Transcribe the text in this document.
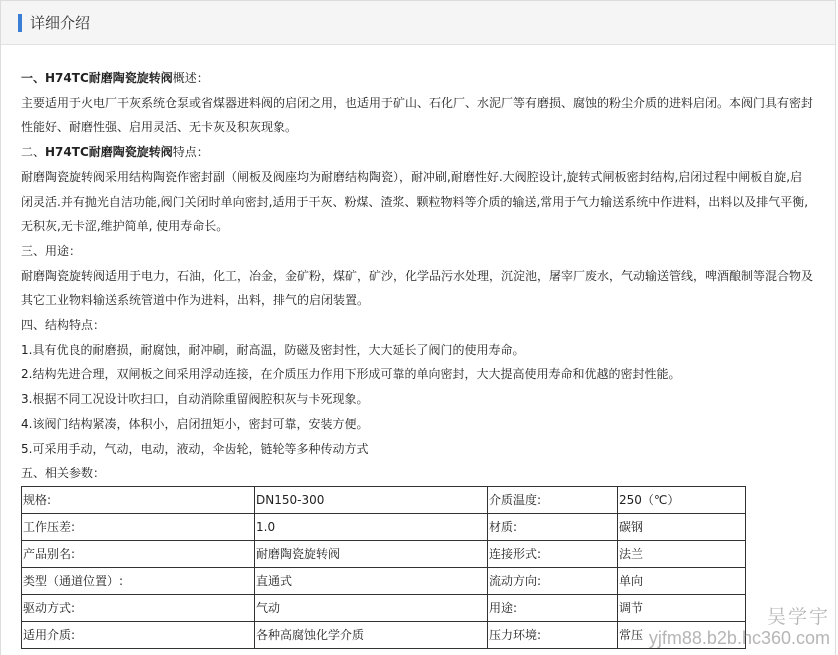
详细介绍
一、H74TC耐磨陶瓷旋转阀概述：
主要适用于火电厂干灰系统仓泵或省煤器进料阀的启闭之用，也适用于矿山、石化厂、水泥厂等有磨损、腐蚀的粉尘介质的进料启闭。本阀门具有密封
性能好、耐磨性强、启用灵活、无卡灰及积灰现象。
二、H74TC耐磨陶瓷旋转阀特点：
耐磨陶瓷旋转阀采用结构陶瓷作密封副（闸板及阀座均为耐磨结构陶瓷），耐冲刷,耐磨性好.大阀腔设计,旋转式闸板密封结构,启闭过程中闸板自旋,启
闭灵活.并有抛光自洁功能,阀门关闭时单向密封,适用于干灰、粉煤、渣浆、颗粒物料等介质的输送,常用于气力输送系统中作进料，出料以及排气平衡,
无积灰,无卡涩,维护简单, 使用寿命长。
三、用途：
耐磨陶瓷旋转阀适用于电力，石油，化工，冶金，金矿粉，煤矿，矿沙，化学品污水处理，沉淀池，屠宰厂废水，气动输送管线，啤酒酿制等混合物及
其它工业物料输送系统管道中作为进料，出料，排气的启闭装置。
四、结构特点：
1.具有优良的耐磨损，耐腐蚀，耐冲刷，耐高温，防磁及密封性，大大延长了阀门的使用寿命。
2.结构先进合理，双闸板之间采用浮动连接，在介质压力作用下形成可靠的单向密封，大大提高使用寿命和优越的密封性能。
3.根据不同工况设计吹扫口，自动消除重留阀腔积灰与卡死现象。
4.该阀门结构紧凑，体积小，启闭扭矩小，密封可靠，安装方便。
5.可采用手动，气动，电动，液动，伞齿轮，链轮等多种传动方式
五、相关参数：
规格:	DN150-300	介质温度:	250（℃）
工作压差:	1.0	材质:	碳钢
产品别名:	耐磨陶瓷旋转阀	连接形式:	法兰
类型（通道位置）:	直通式	流动方向:	单向
驱动方式:	气动	用途:	调节
适用介质:	各种高腐蚀化学介质	压力环境:	常压
吴学宇
yjfm88.b2b.hc360.com
